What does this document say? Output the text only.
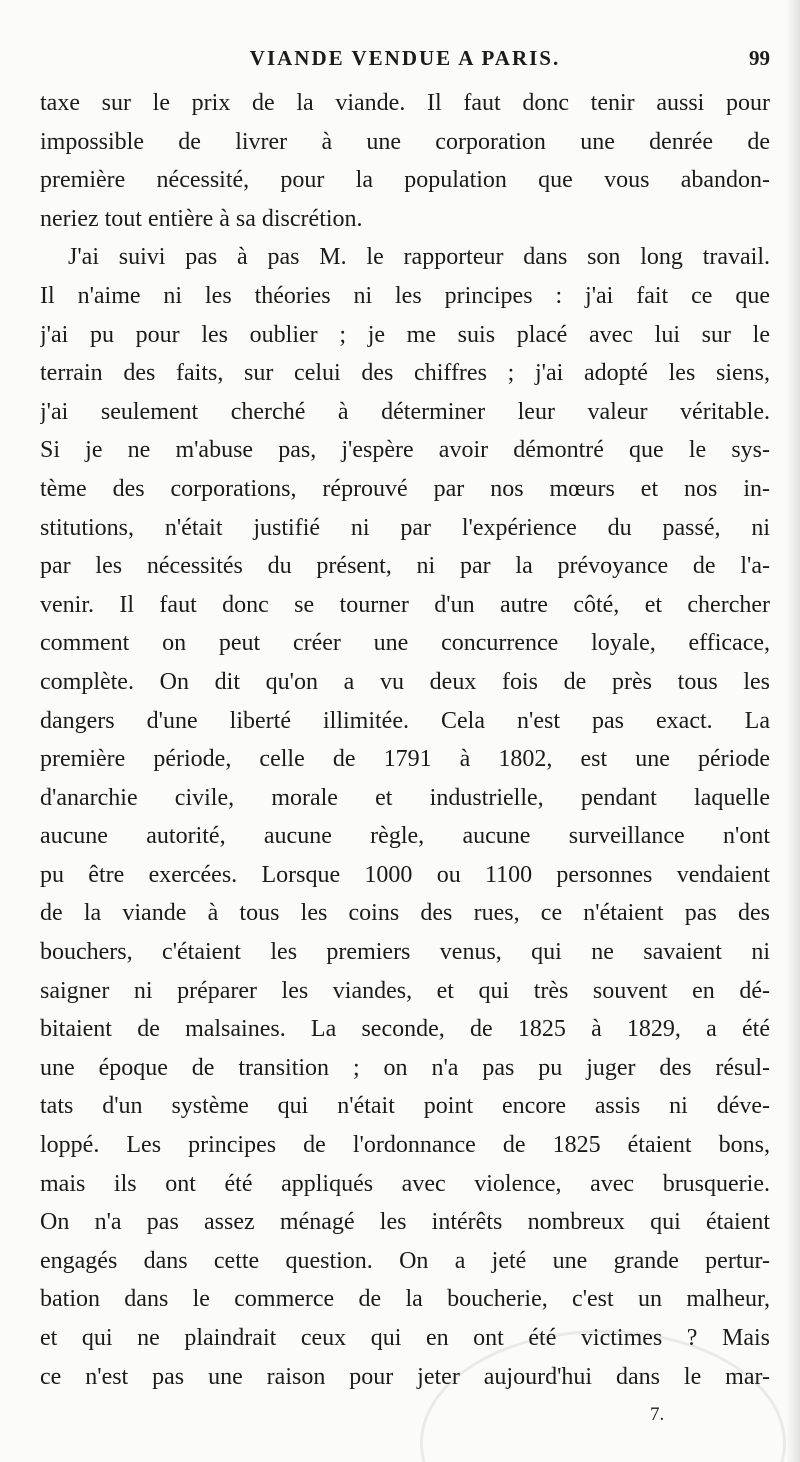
VIANDE VENDUE A PARIS.	99
taxe sur le prix de la viande. Il faut donc tenir aussi pour
impossible de livrer à une corporation une denrée de
première nécessité, pour la population que vous abandon-
neriez tout entière à sa discrétion.
J'ai suivi pas à pas M. le rapporteur dans son long travail.
Il n'aime ni les théories ni les principes : j'ai fait ce que
j'ai pu pour les oublier ; je me suis placé avec lui sur le
terrain des faits, sur celui des chiffres ; j'ai adopté les siens,
j'ai seulement cherché à déterminer leur valeur véritable.
Si je ne m'abuse pas, j'espère avoir démontré que le sys-
tème des corporations, réprouvé par nos mœurs et nos in-
stitutions, n'était justifié ni par l'expérience du passé, ni
par les nécessités du présent, ni par la prévoyance de l'a-
venir. Il faut donc se tourner d'un autre côté, et chercher
comment on peut créer une concurrence loyale, efficace,
complète. On dit qu'on a vu deux fois de près tous les
dangers d'une liberté illimitée. Cela n'est pas exact. La
première période, celle de 1791 à 1802, est une période
d'anarchie civile, morale et industrielle, pendant laquelle
aucune autorité, aucune règle, aucune surveillance n'ont
pu être exercées. Lorsque 1000 ou 1100 personnes vendaient
de la viande à tous les coins des rues, ce n'étaient pas des
bouchers, c'étaient les premiers venus, qui ne savaient ni
saigner ni préparer les viandes, et qui très souvent en dé-
bitaient de malsaines. La seconde, de 1825 à 1829, a été
une époque de transition ; on n'a pas pu juger des résul-
tats d'un système qui n'était point encore assis ni déve-
loppé. Les principes de l'ordonnance de 1825 étaient bons,
mais ils ont été appliqués avec violence, avec brusquerie.
On n'a pas assez ménagé les intérêts nombreux qui étaient
engagés dans cette question. On a jeté une grande pertur-
bation dans le commerce de la boucherie, c'est un malheur,
et qui ne plaindrait ceux qui en ont été victimes ? Mais
ce n'est pas une raison pour jeter aujourd'hui dans le mar-
7.
